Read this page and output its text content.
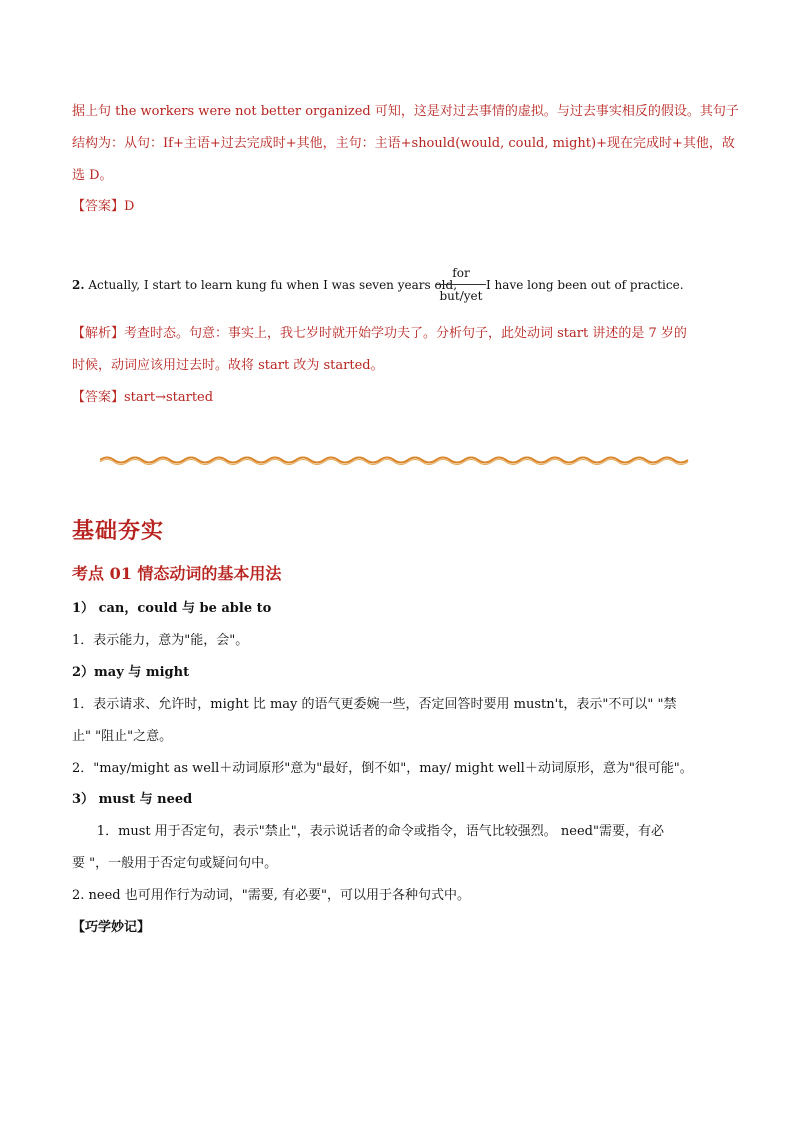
据上句 the workers were not better organized 可知，这是对过去事情的虚拟。与过去事实相反的假设。其句子
结构为：从句：If+主语+过去完成时+其他，主句：主语+should(would, could, might)+现在完成时+其他，故
选 D。
【答案】D
2. Actually, I start to learn kung fu when I was seven years old,
for
but/yet
I have long been out of practice.
【解析】考查时态。句意：事实上，我七岁时就开始学功夫了。分析句子，此处动词 start 讲述的是 7 岁的
时候，动词应该用过去时。故将 start 改为 started。
【答案】start→started
基础夯实
考点 01 情态动词的基本用法
1） can，could 与 be able to
1．表示能力，意为"能，会"。
2）may 与 might
1．表示请求、允许时，might 比 may 的语气更委婉一些，否定回答时要用 mustn't，表示"不可以" "禁
止" "阻止"之意。
2．"may/might as well＋动词原形"意为"最好，倒不如"，may/ might well＋动词原形，意为"很可能"。
3） must 与 need
1．must 用于否定句，表示"禁止"，表示说话者的命令或指令，语气比较强烈。 need"需要，有必
要 "，一般用于否定句或疑问句中。
2. need 也可用作行为动词，"需要, 有必要"，可以用于各种句式中。
【巧学妙记】
